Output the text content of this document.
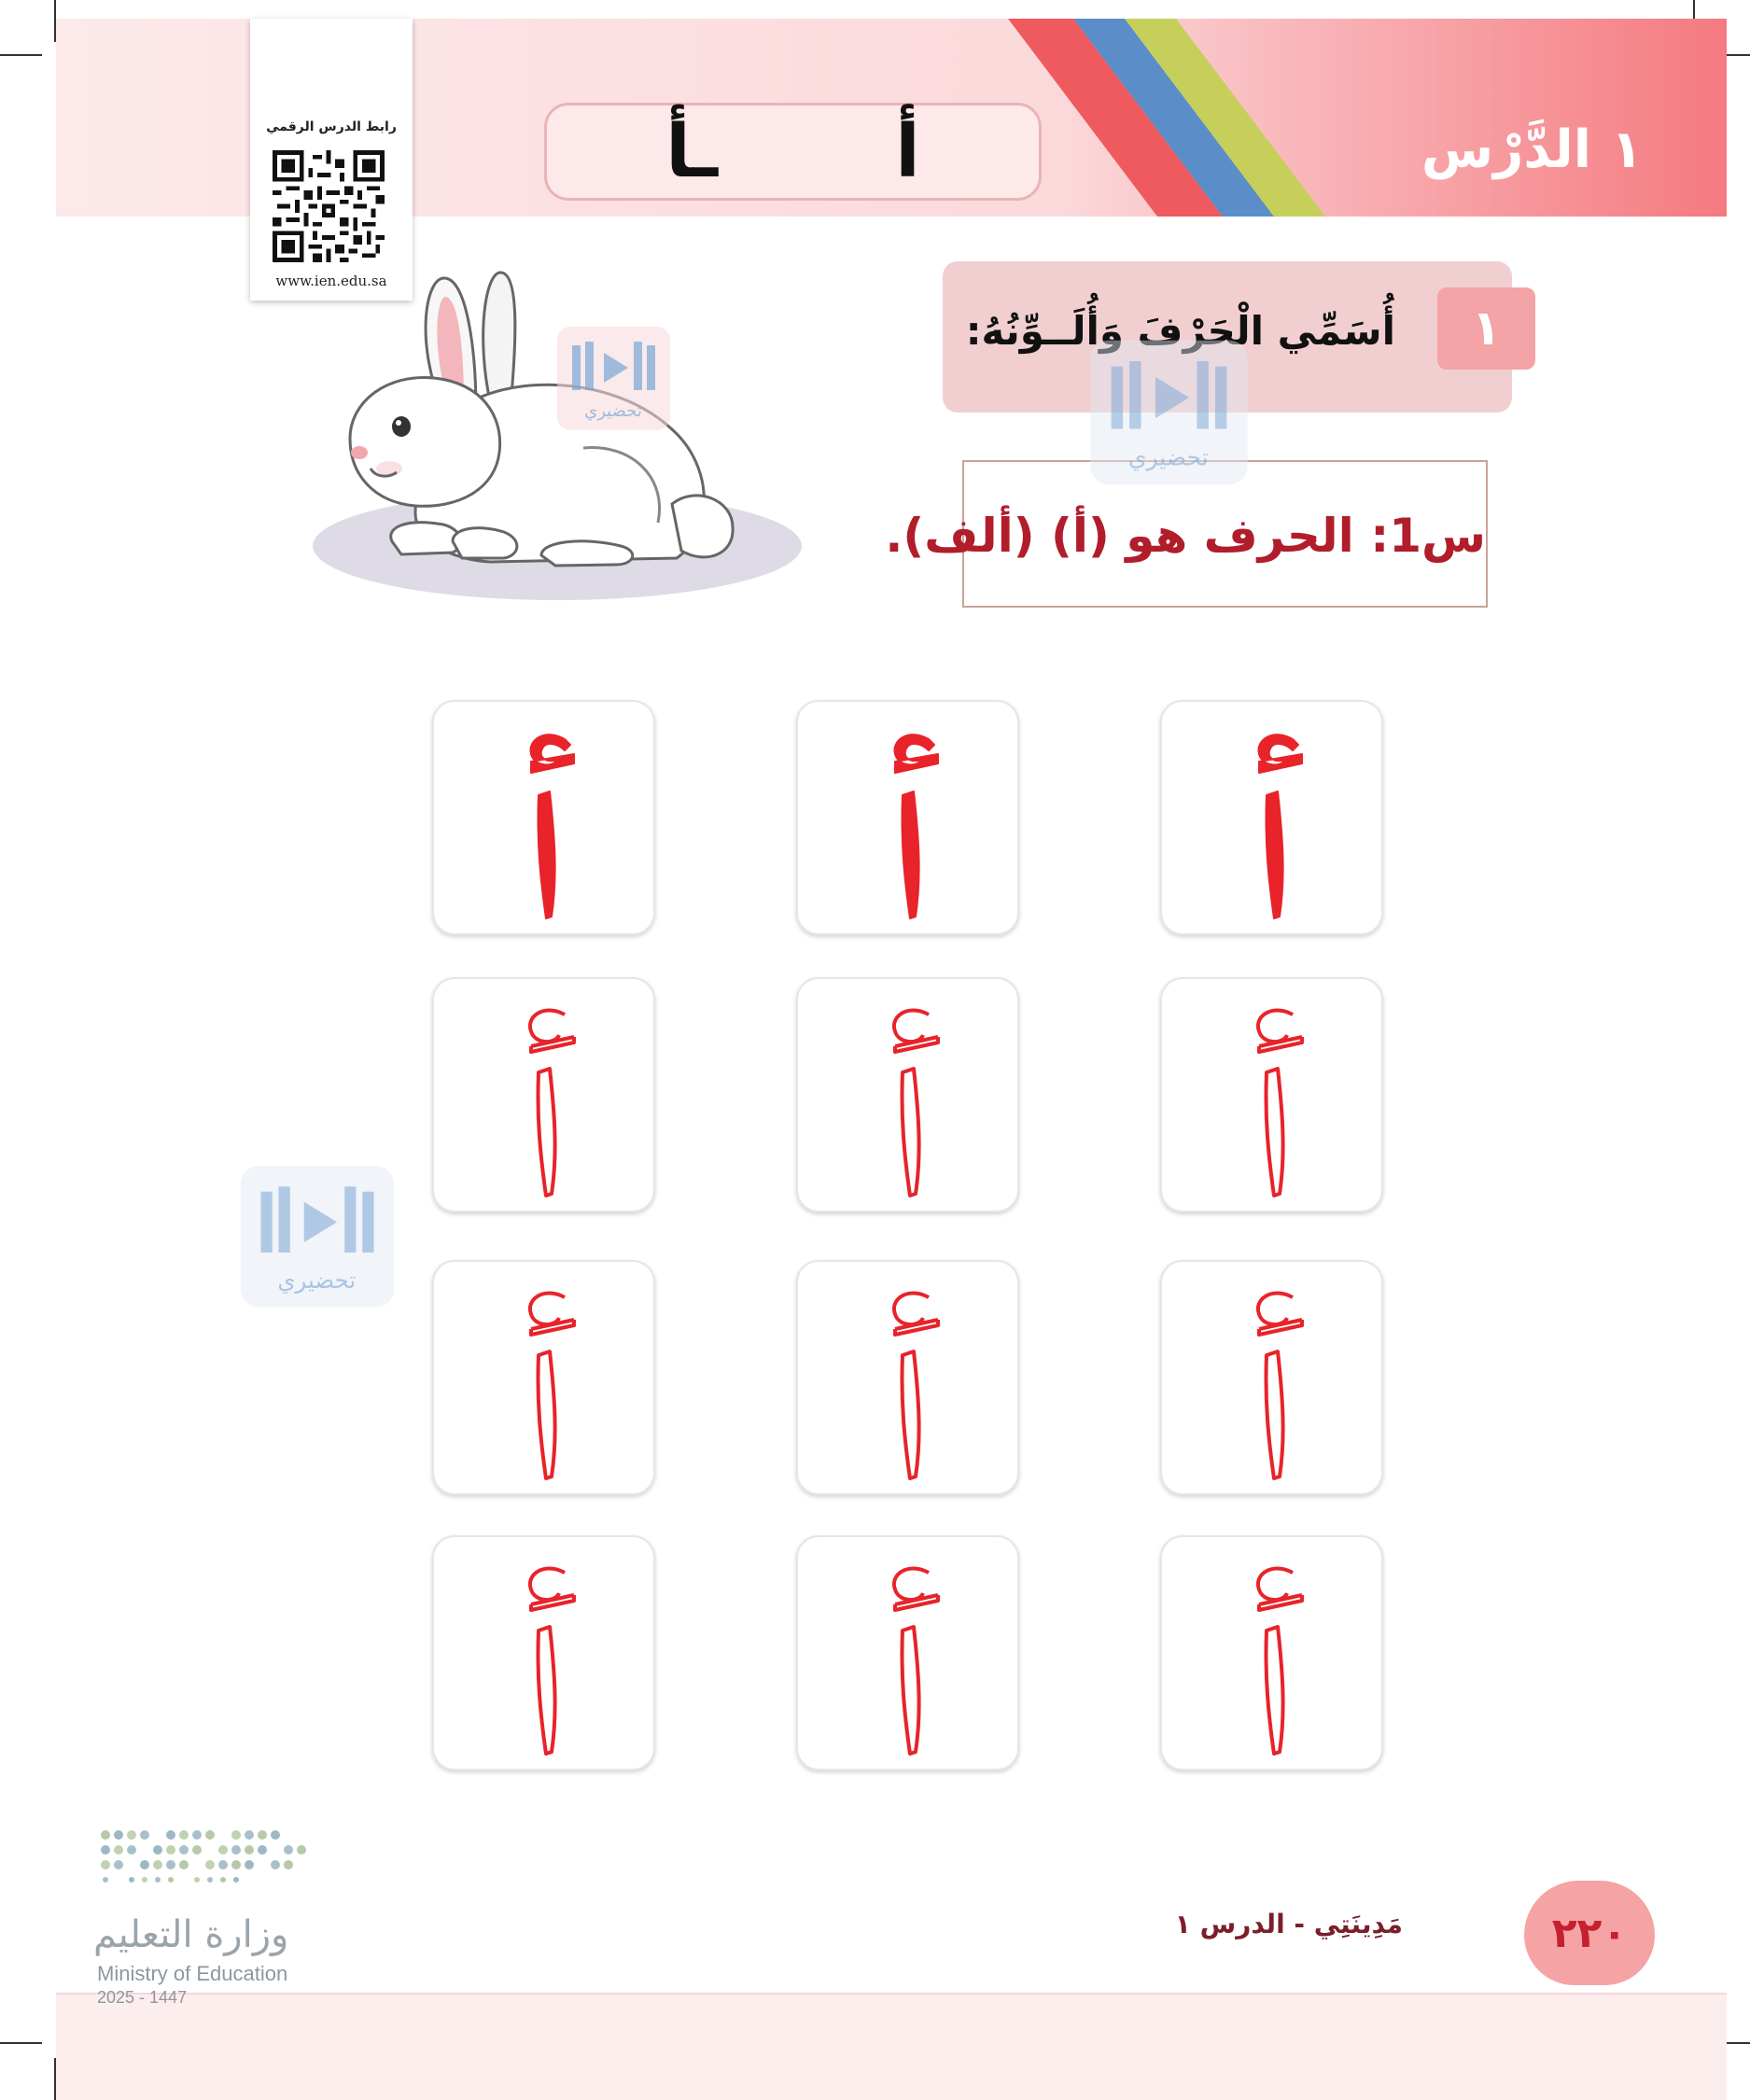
الدَّرْس ١
ـأ أ
رابط الدرس الرقمي
www.ien.edu.sa
١
أُسَمِّي الْحَرْفَ وَأُلَــوِّنُهُ:
س1: الحرف هو (أ) (ألف).
تحضيري
تحضيري
تحضيري
مَدِينَتِي - الدرس ١	٢٢٠
وزارة التعليم
Ministry of Education
2025 - 1447
